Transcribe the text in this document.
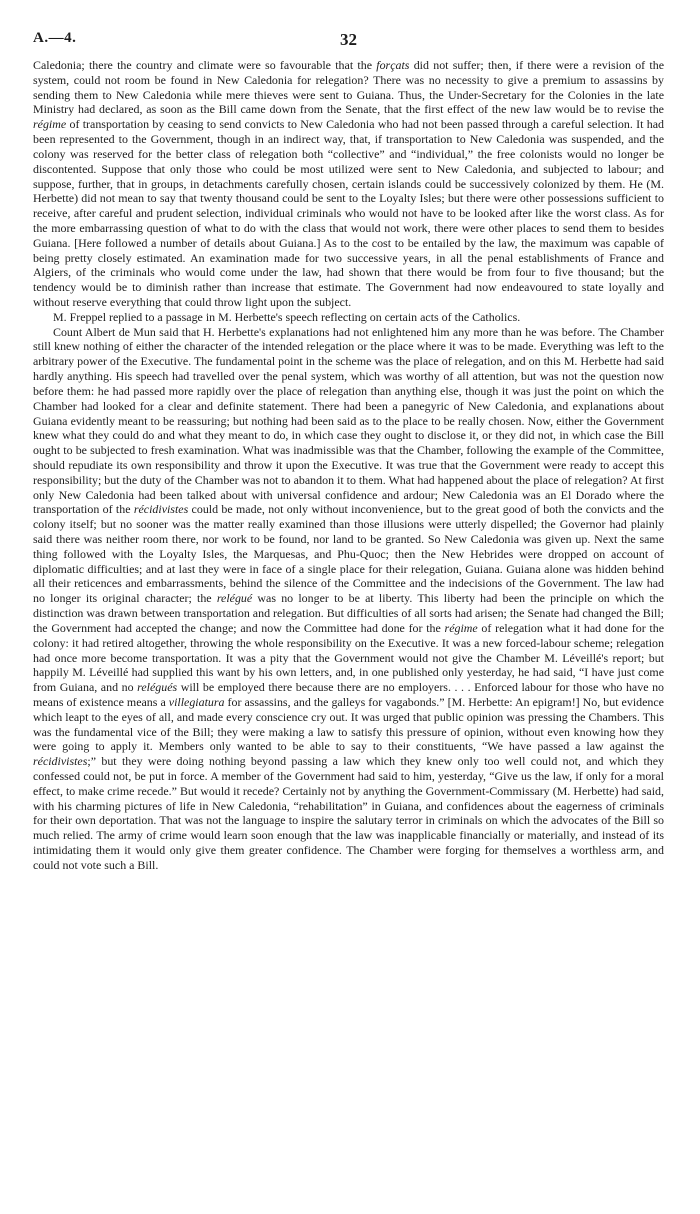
A.—4.	32

Caledonia; there the country and climate were so favourable that the forçats did not suffer; then, if there were a revision of the system, could not room be found in New Caledonia for relegation? There was no necessity to give a premium to assassins by sending them to New Caledonia while mere thieves were sent to Guiana. Thus, the Under-Secretary for the Colonies in the late Ministry had declared, as soon as the Bill came down from the Senate, that the first effect of the new law would be to revise the régime of transportation by ceasing to send convicts to New Caledonia who had not been passed through a careful selection. It had been represented to the Government, though in an indirect way, that, if transportation to New Caledonia was suspended, and the colony was reserved for the better class of relegation both “collective” and “individual,” the free colonists would no longer be discontented. Suppose that only those who could be most utilized were sent to New Caledonia, and subjected to labour; and suppose, further, that in groups, in detachments carefully chosen, certain islands could be successively colonized by them. He (M. Herbette) did not mean to say that twenty thousand could be sent to the Loyalty Isles; but there were other possessions sufficient to receive, after careful and prudent selection, individual criminals who would not have to be looked after like the worst class. As for the more embarrassing question of what to do with the class that would not work, there were other places to send them to besides Guiana. [Here followed a number of details about Guiana.] As to the cost to be entailed by the law, the maximum was capable of being pretty closely estimated. An examination made for two successive years, in all the penal establishments of France and Algiers, of the criminals who would come under the law, had shown that there would be from four to five thousand; but the tendency would be to diminish rather than increase that estimate. The Government had now endeavoured to state loyally and without reserve everything that could throw light upon the subject.

M. Freppel replied to a passage in M. Herbette's speech reflecting on certain acts of the Catholics.

Count Albert de Mun said that H. Herbette's explanations had not enlightened him any more than he was before. The Chamber still knew nothing of either the character of the intended relegation or the place where it was to be made. Everything was left to the arbitrary power of the Executive. The fundamental point in the scheme was the place of relegation, and on this M. Herbette had said hardly anything. His speech had travelled over the penal system, which was worthy of all attention, but was not the question now before them: he had passed more rapidly over the place of relegation than anything else, though it was just the point on which the Chamber had looked for a clear and definite statement. There had been a panegyric of New Caledonia, and explanations about Guiana evidently meant to be reassuring; but nothing had been said as to the place to be really chosen. Now, either the Government knew what they could do and what they meant to do, in which case they ought to disclose it, or they did not, in which case the Bill ought to be subjected to fresh examination. What was inadmissible was that the Chamber, following the example of the Committee, should repudiate its own responsibility and throw it upon the Executive. It was true that the Government were ready to accept this responsibility; but the duty of the Chamber was not to abandon it to them. What had happened about the place of relegation? At first only New Caledonia had been talked about with universal confidence and ardour; New Caledonia was an El Dorado where the transportation of the récidivistes could be made, not only without inconvenience, but to the great good of both the convicts and the colony itself; but no sooner was the matter really examined than those illusions were utterly dispelled; the Governor had plainly said there was neither room there, nor work to be found, nor land to be granted. So New Caledonia was given up. Next the same thing followed with the Loyalty Isles, the Marquesas, and Phu-Quoc; then the New Hebrides were dropped on account of diplomatic difficulties; and at last they were in face of a single place for their relegation, Guiana. Guiana alone was hidden behind all their reticences and embarrassments, behind the silence of the Committee and the indecisions of the Government. The law had no longer its original character; the relégué was no longer to be at liberty. This liberty had been the principle on which the distinction was drawn between transportation and relegation. But difficulties of all sorts had arisen; the Senate had changed the Bill; the Government had accepted the change; and now the Committee had done for the régime of relegation what it had done for the colony: it had retired altogether, throwing the whole responsibility on the Executive. It was a new forced-labour scheme; relegation had once more become transportation. It was a pity that the Government would not give the Chamber M. Léveillé's report; but happily M. Léveillé had supplied this want by his own letters, and, in one published only yesterday, he had said, “I have just come from Guiana, and no relégués will be employed there because there are no employers. . . . Enforced labour for those who have no means of existence means a villegiatura for assassins, and the galleys for vagabonds.” [M. Herbette: An epigram!] No, but evidence which leapt to the eyes of all, and made every conscience cry out. It was urged that public opinion was pressing the Chambers. This was the fundamental vice of the Bill; they were making a law to satisfy this pressure of opinion, without even knowing how they were going to apply it. Members only wanted to be able to say to their constituents, “We have passed a law against the récidivistes;” but they were doing nothing beyond passing a law which they knew only too well could not, and which they confessed could not, be put in force. A member of the Government had said to him, yesterday, “Give us the law, if only for a moral effect, to make crime recede.” But would it recede? Certainly not by anything the Government-Commissary (M. Herbette) had said, with his charming pictures of life in New Caledonia, “rehabilitation” in Guiana, and confidences about the eagerness of criminals for their own deportation. That was not the language to inspire the salutary terror in criminals on which the advocates of the Bill so much relied. The army of crime would learn soon enough that the law was inapplicable financially or materially, and instead of its intimidating them it would only give them greater confidence. The Chamber were forging for themselves a worthless arm, and could not vote such a Bill.
